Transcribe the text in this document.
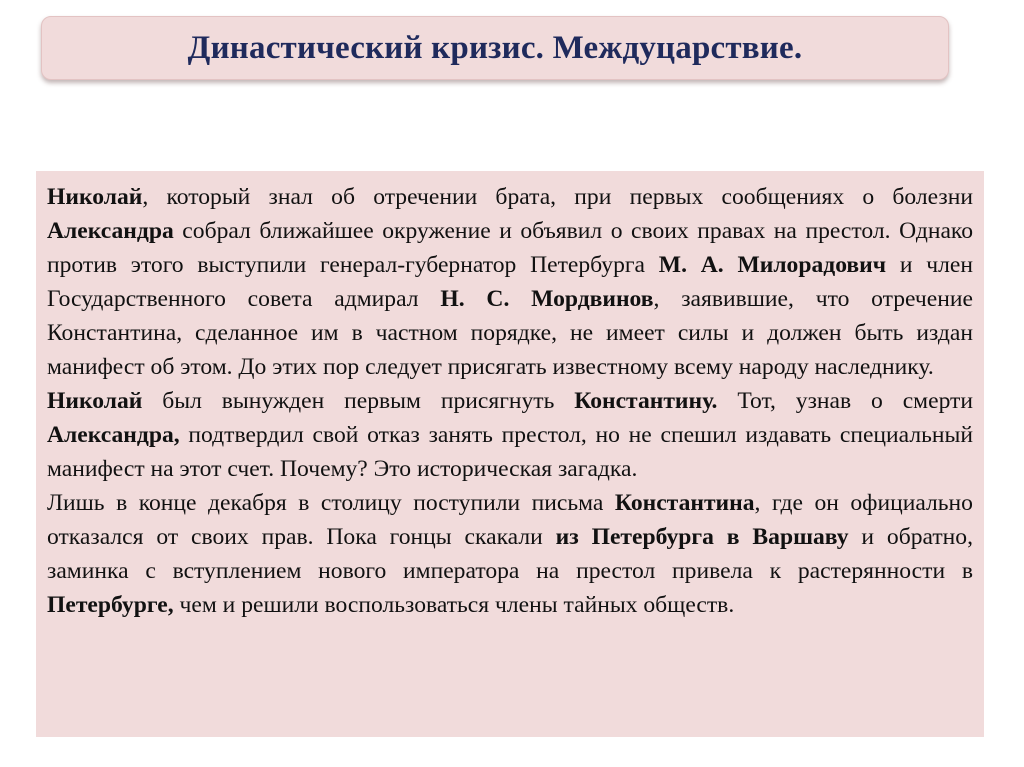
Династический кризис. Междуцарствие.

Николай, который знал об отречении брата, при первых сообщениях о болезни Александра собрал ближайшее окружение и объявил о своих правах на престол. Однако против этого выступили генерал-губернатор Петербурга М. А. Милорадович и член Государственного совета адмирал Н. С. Мордвинов, заявившие, что отречение Константина, сделанное им в частном порядке, не имеет силы и должен быть издан манифест об этом. До этих пор следует присягать известному всему народу наследнику.

Николай был вынужден первым присягнуть Константину. Тот, узнав о смерти Александра, подтвердил свой отказ занять престол, но не спешил издавать специальный манифест на этот счет. Почему? Это историческая загадка.

Лишь в конце декабря в столицу поступили письма Константина, где он официально отказался от своих прав. Пока гонцы скакали из Петербурга в Варшаву и обратно, заминка с вступлением нового императора на престол привела к растерянности в Петербурге, чем и решили воспользоваться члены тайных обществ.
